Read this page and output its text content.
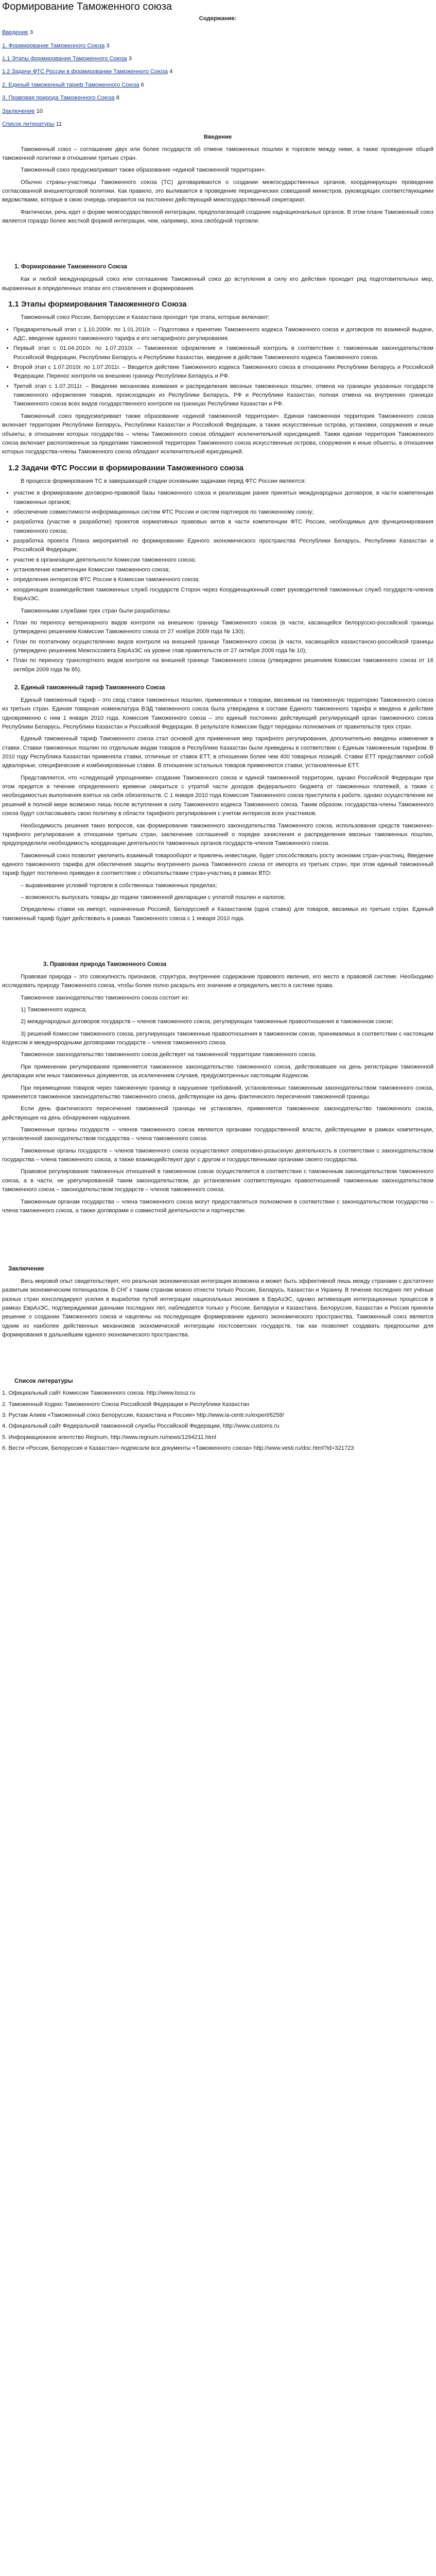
Формирование Таможенного союза
Содержание:
Введение 3
1. Формирование Таможенного Союза 3
1.1 Этапы формирования Таможенного Союза 3
1.2 Задачи ФТС России в формировании Таможенного Союза 4
2. Единый таможенный тариф Таможенного Союза 6
3. Правовая природа Таможенного Союза 8
Заключение 10
Список литературы 11
Введение

Таможенный союз – соглашение двух или более государств об отмене таможенных пошлин в торговле между ними, а также проведение общей таможенной политики в отношении третьих стран.

Таможенный союз предусматривает также образование «единой таможенной территории».

Обычно страны-участницы Таможенного союза (ТС) договариваются о создании межгосударственных органов, координирующих проведение согласованной внешнеторговой политики. Как правило, это выливается в проведение периодических совещаний министров, руководящих соответствующими ведомствами, которые в свою очередь опираются на постоянно действующий межгосударственный секретариат.

Фактически, речь идет о форме межгосударственной интеграции, предполагающей создание наднациональных органов. В этом плане Таможенный союз является гораздо более жесткой формой интеграции, чем, например, зона свободной торговли.

1. Формирование Таможенного Союза

Как и любой международный союз или соглашение Таможенный союз до вступления в силу его действия проходит ряд подготовительных мер, выраженных в определенных этапах его становления и формирования.

1.1 Этапы формирования Таможенного Союза

Таможенный союз России, Белоруссии и Казахстана проходит три этапа, которые включают:

• Предварительный этап с 1.10.2009г. по 1.01.2010г. – Подготовка к принятию Таможенного кодекса Таможенного союза и договоров по взаимной выдаче, АДС, введение единого таможенного тарифа и его нетарифного регулирования.
• Первый этап с 01.04.2010г. по 1.07.2010г. – Таможенное оформление и таможенный контроль в соответствии с таможенным законодательством Российской Федерации, Республики Беларусь и Республики Казахстан, введение в действие Таможенного кодекса Таможенного союза.
• Второй этап с 1.07.2010г. по 1.07.2011г. – Вводится действие Таможенного кодекса Таможенного союза в отношениях Республики Беларусь и Российской Федерации. Перенос контроля на внешнюю границу Республики Беларусь и РФ.
• Третий этап с 1.07.2011г. – Введение механизма взимания и распределения ввозных таможенных пошлин, отмена на границах указанных государств таможенного оформления товаров, происходящих из Республики Беларусь, РФ и Республики Казахстан, полная отмена на внутренних границах Таможенного союза всех видов государственного контроля на границах Республики Казахстан и РФ.

Таможенный союз предусматривает также образование «единой таможенной территории». Единая таможенная территория Таможенного союза включает территории Республики Беларусь, Республики Казахстан и Российской Федерации, а также искусственные острова, установки, сооружения и иные объекты, в отношении которых государства – члены Таможенного союза обладают исключительной юрисдикцией. Также единая территория Таможенного союза включает расположенные за пределами таможенной территории Таможенного союза искусственные острова, сооружения и иные объекты, в отношении которых государства-члены Таможенного союза обладают исключительной юрисдикцией.

1.2 Задачи ФТС России в формировании Таможенного союза

В процессе формирования ТС в завершающей стадии основными задачами перед ФТС России являются:

• участие в формировании договорно-правовой базы таможенного союза и реализации ранее принятых международных договоров, в части компетенции таможенных органов;
• обеспечение совместимости информационных систем ФТС России и систем партнеров по таможенному союзу;
• разработка (участие в разработке) проектов нормативных правовых актов в части компетенции ФТС России, необходимых для функционирования таможенного союза;
• разработка проекта Плана мероприятий по формированию Единого экономического пространства Республики Беларусь, Республики Казахстан и Российской Федерации;
• участие в организации деятельности Комиссии таможенного союза;
• установление компетенции Комиссии таможенного союза;
• определение интересов ФТС России в Комиссии таможенного союза;
• координация взаимодействия таможенных служб государств Сторон через Координационный совет руководителей таможенных служб государств-членов ЕврАзЭС.

Таможенными службами трех стран были разработаны:

• План по переносу ветеринарного видов контроля на внешнюю границу Таможенного союза (в части, касающейся белорусско-российской границы (утверждено решением Комиссии Таможенного союза от 27 ноября 2009 года № 130);
• План по поэтапному осуществлению видов контроля на внешней границе Таможенного союза (в части, касающейся казахстанско-российской границы (утверждено решением Межгоссовета ЕврАзЭС на уровне глав правительств от 27 октября 2009 года № 10);
• План по переносу транспортного видов контроля на внешней границе Таможенного союза (утверждено решением Комиссии таможенного союза от 16 октября 2009 года № 85).
2. Единый таможенный тариф Таможенного Союза

Единый таможенный тариф – это свод ставок таможенных пошлин, применяемых к товарам, ввозимым на таможенную территорию Таможенного союза из третьих стран. Единая товарная номенклатура ВЭД таможенного союза была утверждена в составе Единого таможенного тарифа и введена в действие одновременно с ним 1 января 2010 года. Комиссия Таможенного союза – это единый постоянно действующий регулирующий орган таможенного союза Республики Беларусь, Республики Казахстан и Российской Федерации. В результате Комиссии будут переданы полномочия от правительств трех стран.

Единый таможенный тариф Таможенного союза стал основой для применения мер тарифного регулирования, дополнительно введены изменения в ставки. Ставки таможенных пошлин по отдельным видам товаров в Республике Казахстан были приведены в соответствие с Единым таможенным тарифом. В 2010 году Республика Казахстан применяла ставки, отличные от ставок ЕТТ, в отношении более чем 400 товарных позиций. Ставки ЕТТ представляют собой адвалорные, специфические и комбинированные ставки. В отношении остальных товаров применяются ставки, установленные ЕТТ.

Представляется, что «следующий упрощением» создание Таможенного союза и единой таможенной территории, однако Российской Федерации при этом придется в течение определенного времени смириться с утратой части доходов федерального бюджета от таможенных платежей, а также с необходимостью выполнения взятых на себя обязательств. С 1 января 2010 года Комиссия Таможенного союза приступила к работе, однако осуществление ее решений в полной мере возможно лишь после вступления в силу Таможенного кодекса Таможенного союза. Таким образом, государства-члены Таможенного союза будут согласовывать свою политику в области тарифного регулирования с учетом интересов всех участников.

Необходимость решения таких вопросов, как формирование таможенного законодательства Таможенного союза, использование средств таможенно-тарифного регулирования в отношении третьих стран, заключение соглашений о порядке зачисления и распределения ввозных таможенных пошлин, предопределили необходимость координации деятельности таможенных органов государств-членов Таможенного союза.

Таможенный союз позволит увеличить взаимный товарооборот и привлечь инвестиции, будет способствовать росту экономик стран-участниц. Введение единого таможенного тарифа для обеспечения защиты внутреннего рынка Таможенного союза от импорта из третьих стран, при этом единый таможенный тариф будет постепенно приведен в соответствие с обязательствами стран-участниц в рамках ВТО:

– выравнивание условий торговли в собственных таможенных пределах;

– возможность выпускать товары до подачи таможенной декларации с уплатой пошлин и налогов;

Определены ставки на импорт, назначенные Россией, Белоруссией и Казахстаном (одна ставка) для товаров, ввозимых из третьих стран. Единый таможенный тариф будет действовать в рамках Таможенного союза с 1 января 2010 года.

3. Правовая природа Таможенного Союза

Правовая природа – это совокупность признаков, структура, внутреннее содержание правового явления, его место в правовой системе. Необходимо исследовать природу Таможенного союза, чтобы более полно раскрыть его значение и определить место в системе права.

Таможенное законодательство таможенного союза состоит из:

1) Таможенного кодекса;

2) международных договоров государств – членов таможенного союза, регулирующих таможенные правоотношения в таможенном союзе;

3) решений Комиссии таможенного союза, регулирующих таможенные правоотношения в таможенном союзе, принимаемых в соответствии с настоящим Кодексом и международными договорами государств – членов таможенного союза.

Таможенное законодательство таможенного союза действует на таможенной территории таможенного союза.

При применении регулирования применяется таможенное законодательство таможенного союза, действовавшее на день регистрации таможенной декларации или иных таможенных документов, за исключением случаев, предусмотренных настоящим Кодексом.

При перемещении товаров через таможенную границу в нарушение требований, установленных таможенным законодательством таможенного союза, применяется таможенное законодательство таможенного союза, действующее на день фактического пересечения таможенной границы.

Если день фактического пересечения таможенной границы не установлен, применяется таможенное законодательство таможенного союза, действующее на день обнаружения нарушения.

Таможенные органы государств – членов таможенного союза являются органами государственной власти, действующими в рамках компетенции, установленной законодательством государства – члена таможенного союза.

Таможенные органы государств – членов таможенного союза осуществляют оперативно-розыскную деятельность в соответствии с законодательством государства – члена таможенного союза, а также взаимодействуют друг с другом и государственными органами своего государства.

Правовое регулирование таможенных отношений в таможенном союзе осуществляется в соответствии с таможенным законодательством таможенного союза, а в части, не урегулированной таким законодательством, до установления соответствующих правоотношений таможенным законодательством таможенного союза – законодательством государств – членов таможенного союза.

Таможенным органам государства – члена таможенного союза могут предоставляться полномочия в соответствии с законодательством государства – члена таможенного союза, а также договорами о совместной деятельности и партнерстве.

Заключение

Весь мировой опыт свидетельствует, что реальная экономическая интеграция возможна и может быть эффективной лишь между странами с достаточно развитым экономическим потенциалом. В СНГ к таким странам можно отнести только Россию, Беларусь, Казахстан и Украину. В течение последних лет учёные разных стран консолидируют усилия в выработке путей интеграции национальных экономик в ЕврАзЭС, однако активизация интеграционных процессов в рамках ЕврАзЭС, подтверждаемая данными последних лет, наблюдается только у России, Беларуси и Казахстана. Белоруссия, Казахстан и Россия приняли решение о создании Таможенного союза и нацелены на последующее формирование единого экономического пространства. Таможенный союз является одним из наиболее действенных механизмов экономической интеграции постсоветских государств, так как позволяет создавать предпосылки для формирования в дальнейшем единого экономического пространства.

Список литературы

1. Официальный сайт Комиссии Таможенного союза. http://www.tsouz.ru

2. Таможенный Кодекс Таможенного Союза Российской Федерации и Республики Казахстан

3. Рустам Алиев «Таможенный союз Белоруссии, Казахстана и России» http://www.ia-centr.ru/expert/6258/

4. Официальный сайт Федеральной таможенной службы Российской Федерации, http://www.customs.ru

5. Информационное агентство Regnum, http://www.regnum.ru/news/1294211.html

6. Вести «Россия, Белоруссия и Казахстан» подписали все документы «Таможенного союза» http://www.vesti.ru/doc.html?id=321723
